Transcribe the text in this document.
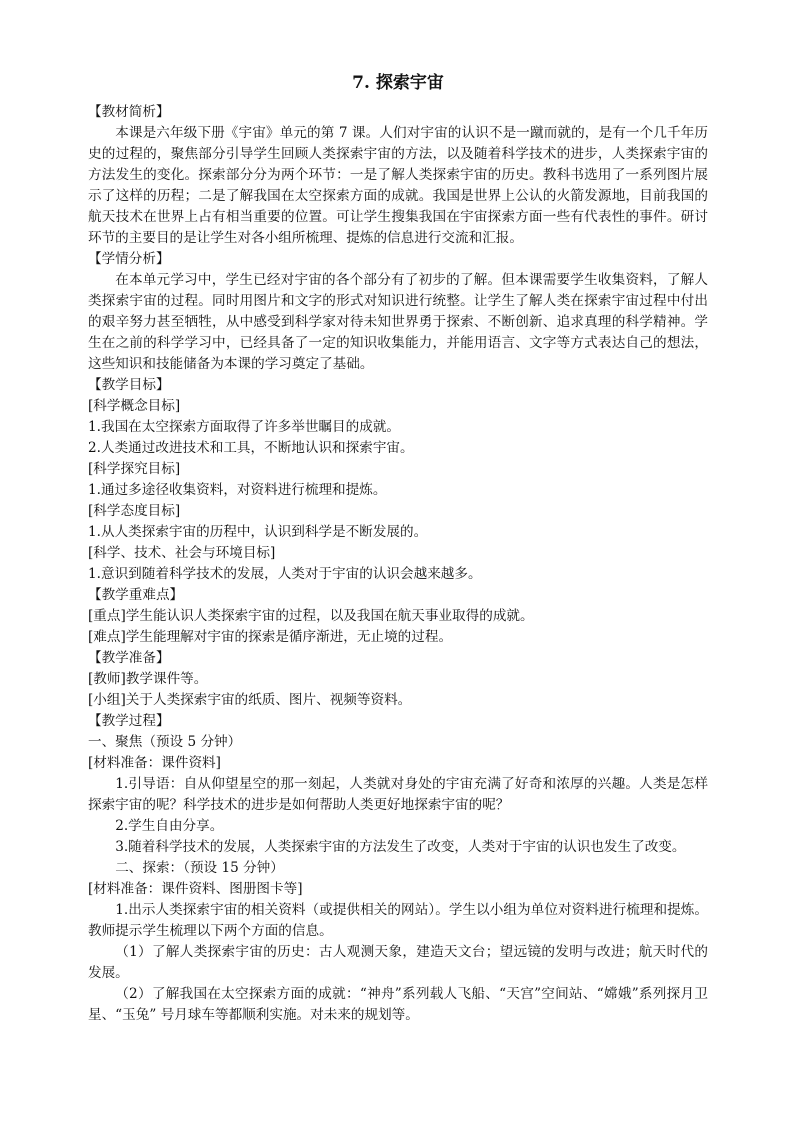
7. 探索宇宙

【教材简析】

本课是六年级下册《宇宙》单元的第 7 课。人们对宇宙的认识不是一蹴而就的，是有一个几千年历史的过程的，聚焦部分引导学生回顾人类探索宇宙的方法，以及随着科学技术的进步，人类探索宇宙的方法发生的变化。探索部分分为两个环节：一是了解人类探索宇宙的历史。教科书选用了一系列图片展示了这样的历程；二是了解我国在太空探索方面的成就。我国是世界上公认的火箭发源地，目前我国的航天技术在世界上占有相当重要的位置。可让学生搜集我国在宇宙探索方面一些有代表性的事件。研讨环节的主要目的是让学生对各小组所梳理、提炼的信息进行交流和汇报。

【学情分析】

在本单元学习中，学生已经对宇宙的各个部分有了初步的了解。但本课需要学生收集资料，了解人类探索宇宙的过程。同时用图片和文字的形式对知识进行统整。让学生了解人类在探索宇宙过程中付出的艰辛努力甚至牺牲，从中感受到科学家对待未知世界勇于探索、不断创新、追求真理的科学精神。学生在之前的科学学习中，已经具备了一定的知识收集能力，并能用语言、文字等方式表达自己的想法，这些知识和技能储备为本课的学习奠定了基础。

【教学目标】

[科学概念目标]

1.我国在太空探索方面取得了许多举世瞩目的成就。

2.人类通过改进技术和工具，不断地认识和探索宇宙。

[科学探究目标]

1.通过多途径收集资料，对资料进行梳理和提炼。

[科学态度目标]

1.从人类探索宇宙的历程中，认识到科学是不断发展的。

[科学、技术、社会与环境目标]

1.意识到随着科学技术的发展，人类对于宇宙的认识会越来越多。

【教学重难点】

[重点]学生能认识人类探索宇宙的过程，以及我国在航天事业取得的成就。

[难点]学生能理解对宇宙的探索是循序渐进，无止境的过程。

【教学准备】

[教师]教学课件等。

[小组]关于人类探索宇宙的纸质、图片、视频等资料。

【教学过程】

一、聚焦（预设 5 分钟）

[材料准备：课件资料]

1.引导语：自从仰望星空的那一刻起，人类就对身处的宇宙充满了好奇和浓厚的兴趣。人类是怎样探索宇宙的呢？科学技术的进步是如何帮助人类更好地探索宇宙的呢？

2.学生自由分享。

3.随着科学技术的发展，人类探索宇宙的方法发生了改变，人类对于宇宙的认识也发生了改变。

二、探索：（预设 15 分钟）

[材料准备：课件资料、图册图卡等]

1.出示人类探索宇宙的相关资料（或提供相关的网站）。学生以小组为单位对资料进行梳理和提炼。教师提示学生梳理以下两个方面的信息。

（1）了解人类探索宇宙的历史：古人观测天象，建造天文台；望远镜的发明与改进；航天时代的发展。

（2）了解我国在太空探索方面的成就：“神舟”系列载人飞船、“天宫”空间站、“嫦娥”系列探月卫星、“玉兔” 号月球车等都顺利实施。对未来的规划等。
